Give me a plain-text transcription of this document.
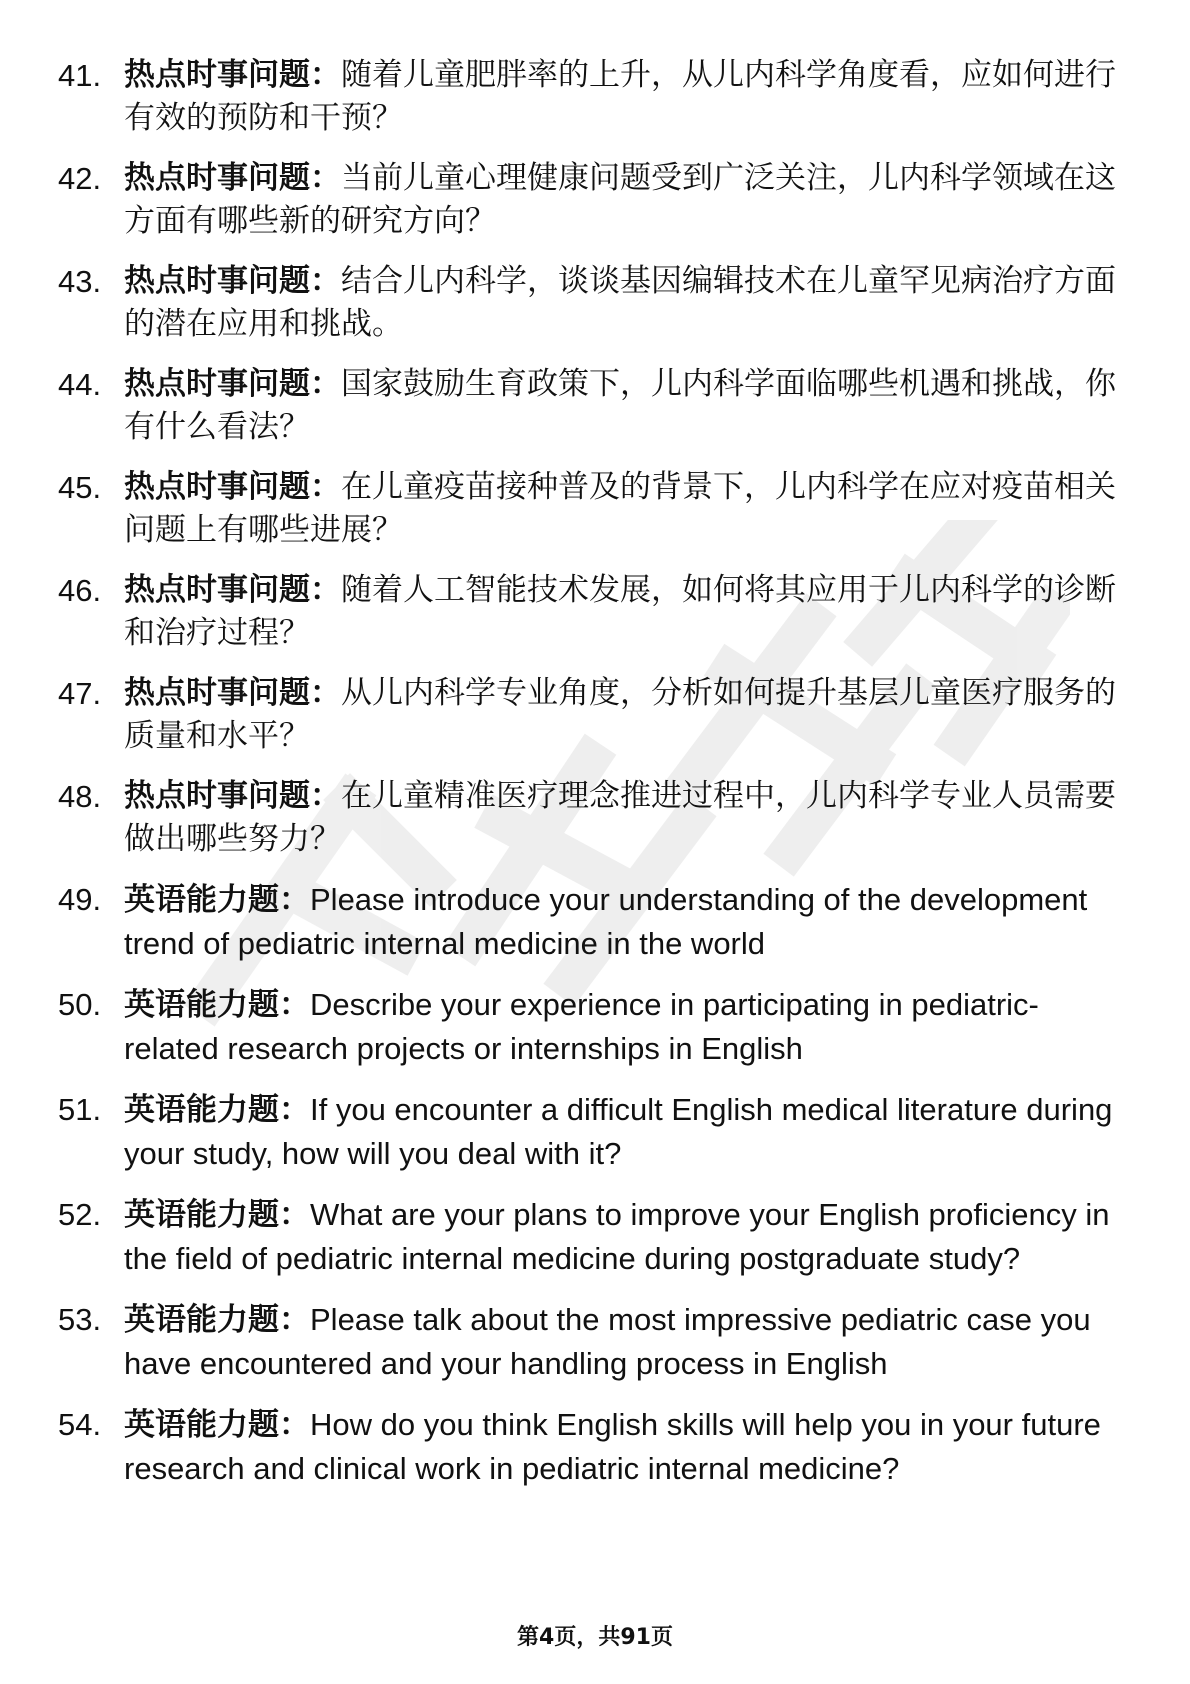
41. 热点时事问题：随着儿童肥胖率的上升，从儿内科学角度看，应如何进行有效的预防和干预？
42. 热点时事问题：当前儿童心理健康问题受到广泛关注，儿内科学领域在这方面有哪些新的研究方向？
43. 热点时事问题：结合儿内科学，谈谈基因编辑技术在儿童罕见病治疗方面的潜在应用和挑战。
44. 热点时事问题：国家鼓励生育政策下，儿内科学面临哪些机遇和挑战，你有什么看法？
45. 热点时事问题：在儿童疫苗接种普及的背景下，儿内科学在应对疫苗相关问题上有哪些进展？
46. 热点时事问题：随着人工智能技术发展，如何将其应用于儿内科学的诊断和治疗过程？
47. 热点时事问题：从儿内科学专业角度，分析如何提升基层儿童医疗服务的质量和水平？
48. 热点时事问题：在儿童精准医疗理念推进过程中，儿内科学专业人员需要做出哪些努力？
49. 英语能力题：Please introduce your understanding of the development trend of pediatric internal medicine in the world
50. 英语能力题：Describe your experience in participating in pediatric-related research projects or internships in English
51. 英语能力题：If you encounter a difficult English medical literature during your study, how will you deal with it?
52. 英语能力题：What are your plans to improve your English proficiency in the field of pediatric internal medicine during postgraduate study?
53. 英语能力题：Please talk about the most impressive pediatric case you have encountered and your handling process in English
54. 英语能力题：How do you think English skills will help you in your future research and clinical work in pediatric internal medicine?
第4页，共91页
